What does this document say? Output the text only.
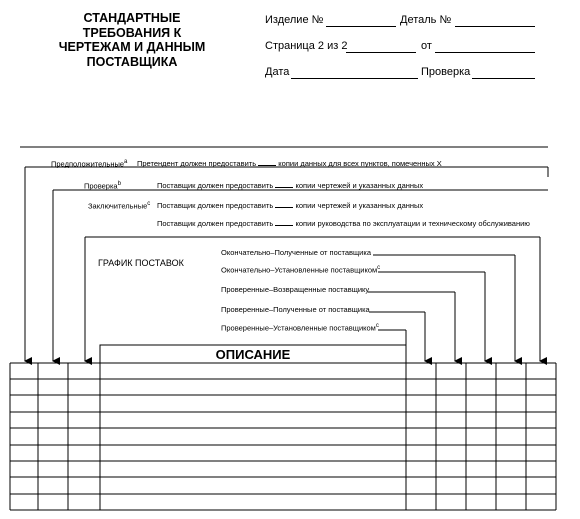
СТАНДАРТНЫЕ ТРЕБОВАНИЯ К ЧЕРТЕЖАМ И ДАННЫМ ПОСТАВЩИКА
Изделие №	Деталь №
Страница 2 из 2	от
Дата	Проверка
Предположительные$^a$ Претендент должен предоставить	копии данных для всех пунктов, помеченных X
Проверка$^b$	Поставщик должен предоставить	копии чертежей и указанных данных
Заключительные$^c$ Поставщик должен предоставить	копии чертежей и указанных данных
Поставщик должен предоставить	копии руководства по эксплуатации и техническому обслуживанию
ГРАФИК ПОСТАВОК
Окончательно–Полученные от поставщика
Окончательно–Установленные поставщиком$^c$
Проверенные–Возвращенные поставщику
Проверенные–Полученные от поставщика
Проверенные–Установленные поставщиком$^c$
ОПИСАНИЕ
